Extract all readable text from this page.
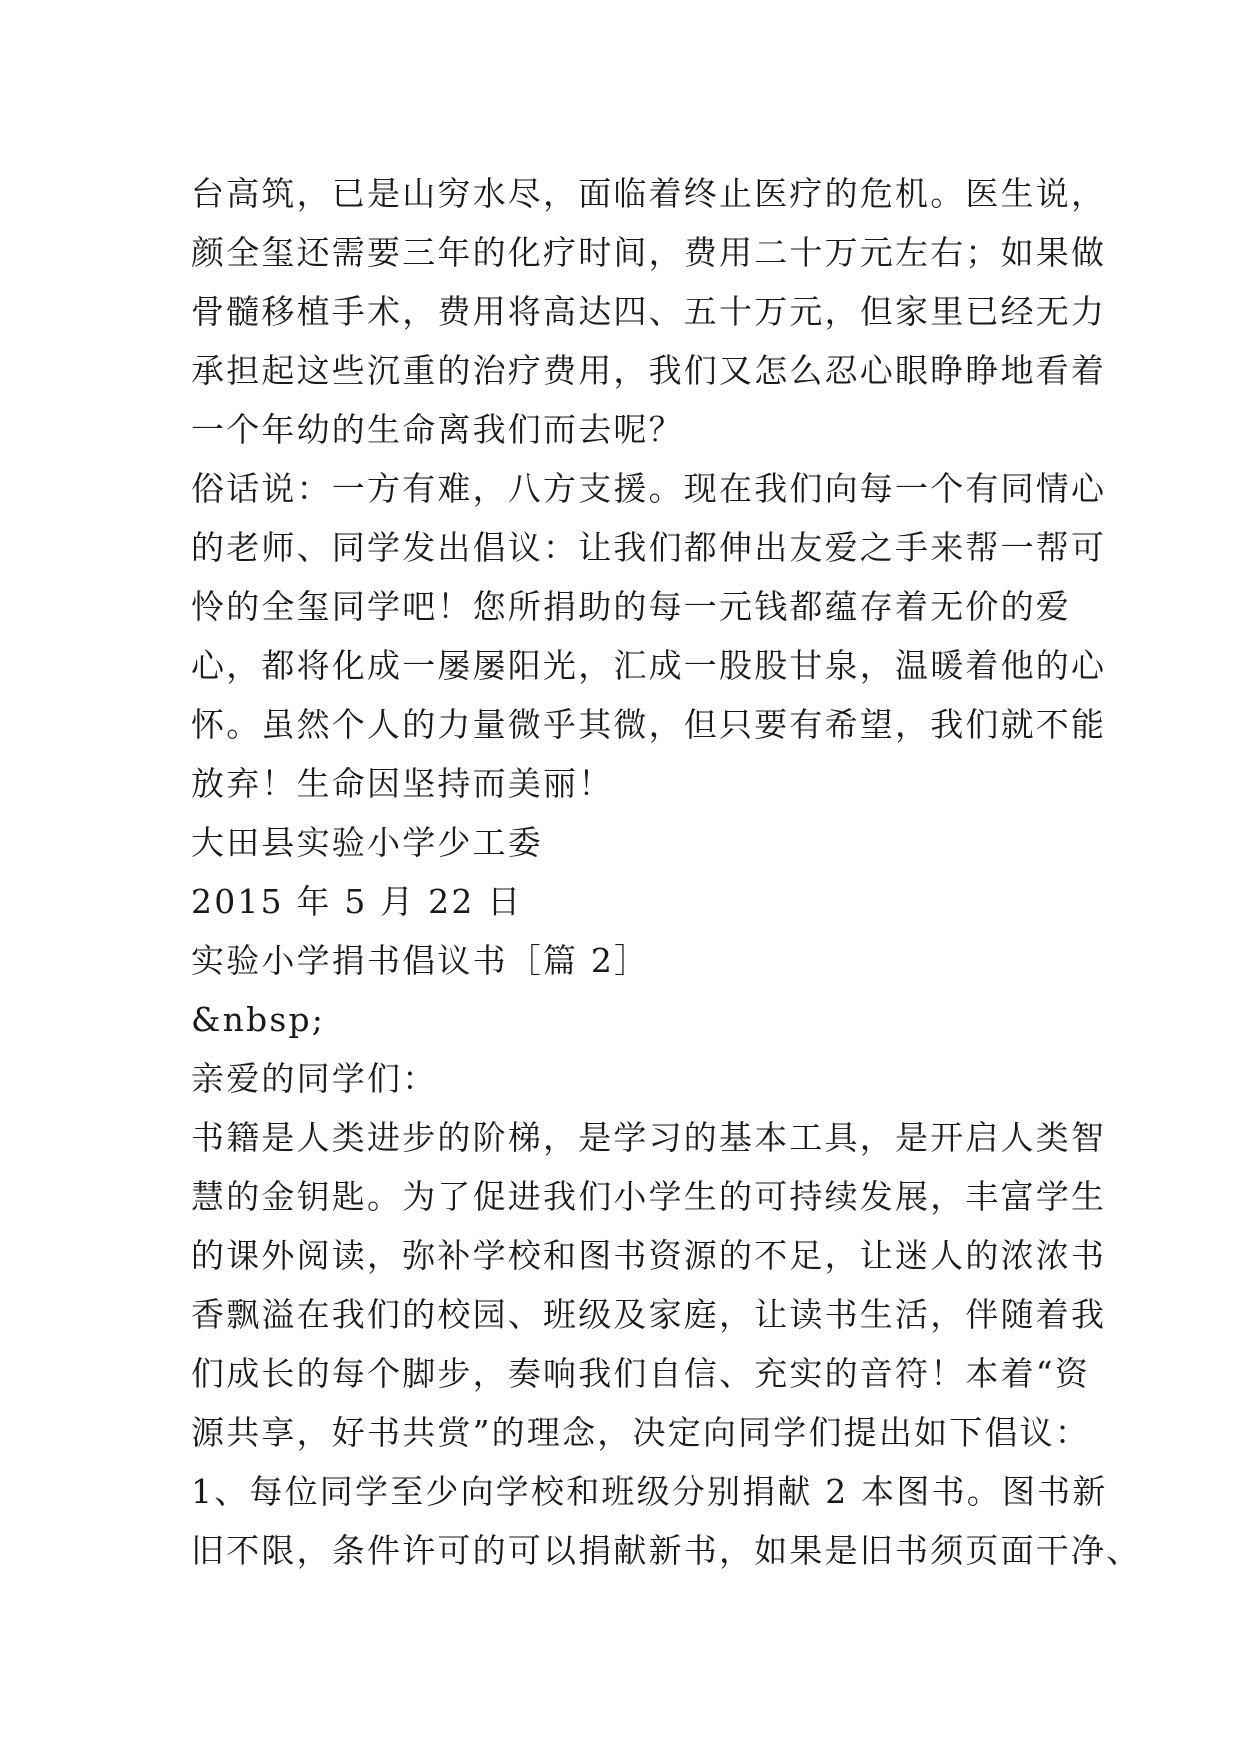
台高筑，已是山穷水尽，面临着终止医疗的危机。医生说，
颜全玺还需要三年的化疗时间，费用二十万元左右；如果做
骨髓移植手术，费用将高达四、五十万元，但家里已经无力
承担起这些沉重的治疗费用，我们又怎么忍心眼睁睁地看着
一个年幼的生命离我们而去呢？
俗话说：一方有难，八方支援。现在我们向每一个有同情心
的老师、同学发出倡议：让我们都伸出友爱之手来帮一帮可
怜的全玺同学吧！您所捐助的每一元钱都蕴存着无价的爱
心，都将化成一屡屡阳光，汇成一股股甘泉，温暖着他的心
怀。虽然个人的力量微乎其微，但只要有希望，我们就不能
放弃！生命因坚持而美丽！
大田县实验小学少工委
2015 年 5 月 22 日
实验小学捐书倡议书［篇 2］
&nbsp;
亲爱的同学们：
书籍是人类进步的阶梯，是学习的基本工具，是开启人类智
慧的金钥匙。为了促进我们小学生的可持续发展，丰富学生
的课外阅读，弥补学校和图书资源的不足，让迷人的浓浓书
香飘溢在我们的校园、班级及家庭，让读书生活，伴随着我
们成长的每个脚步，奏响我们自信、充实的音符！本着“资
源共享，好书共赏”的理念，决定向同学们提出如下倡议：
1、每位同学至少向学校和班级分别捐献 2 本图书。图书新
旧不限，条件许可的可以捐献新书，如果是旧书须页面干净、
